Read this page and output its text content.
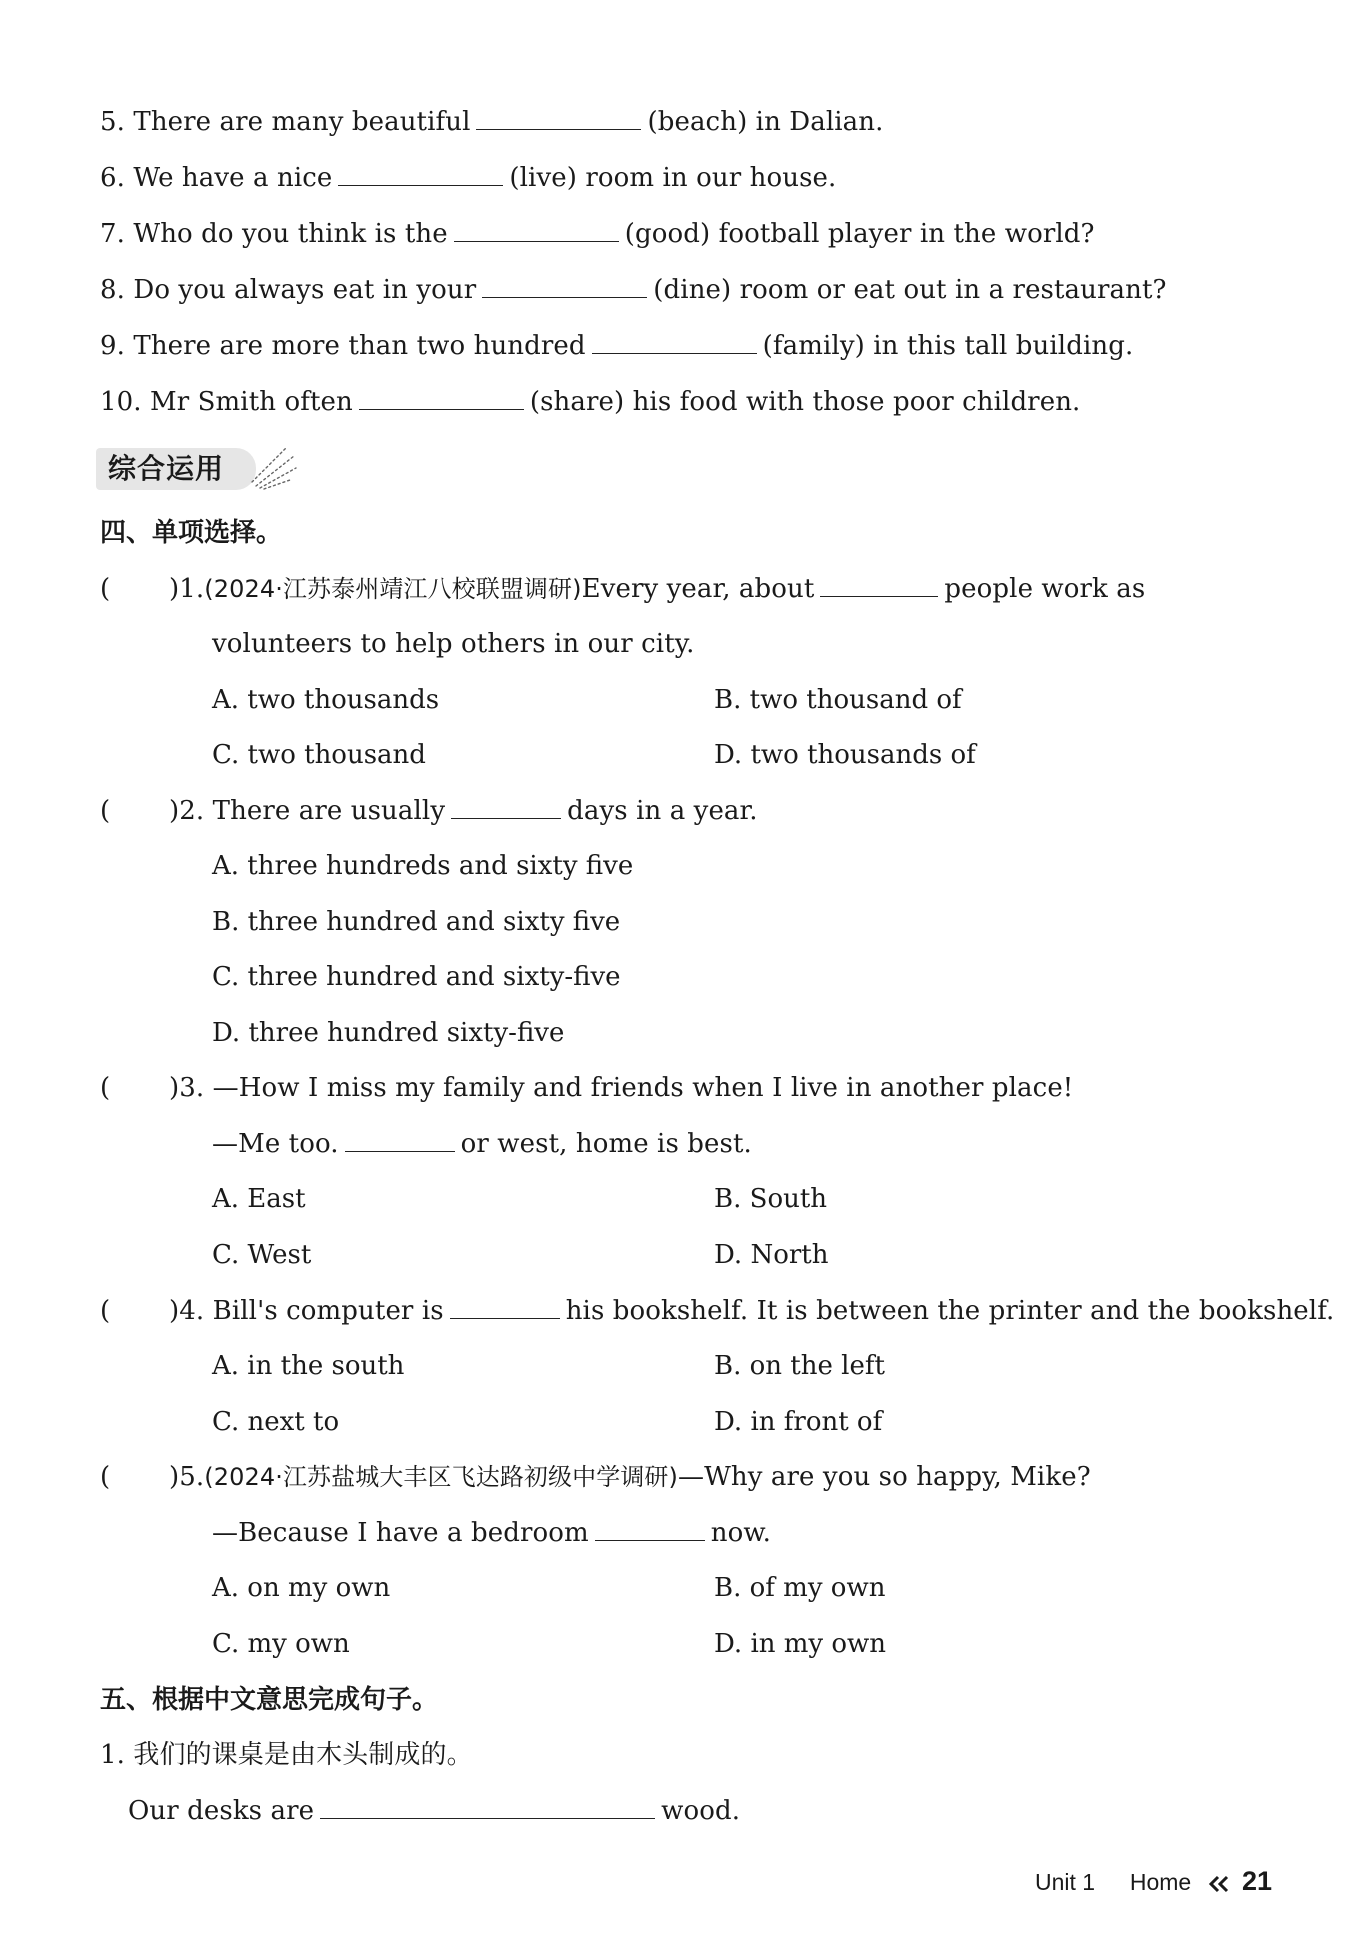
5. There are many beautiful	(beach) in Dalian.
6. We have a nice	(live) room in our house.
7. Who do you think is the	(good) football player in the world?
8. Do you always eat in your	(dine) room or eat out in a restaurant?
9. There are more than two hundred	(family) in this tall building.
10. Mr Smith often	(share) his food with those poor children.
综合运用
四、单项选择。
( )1.(2024·江苏泰州靖江八校联盟调研)Every year, about	people work as
volunteers to help others in our city.
A. two thousands	B. two thousand of
C. two thousand	D. two thousands of
( )2. There are usually	days in a year.
A. three hundreds and sixty five
B. three hundred and sixty five
C. three hundred and sixty-five
D. three hundred sixty-five
( )3. —How I miss my family and friends when I live in another place!
—Me too.	or west, home is best.
A. East	B. South
C. West	D. North
( )4. Bill's computer is	his bookshelf. It is between the printer and the bookshelf.
A. in the south	B. on the left
C. next to	D. in front of
( )5.(2024·江苏盐城大丰区飞达路初级中学调研)—Why are you so happy, Mike?
—Because I have a bedroom	now.
A. on my own	B. of my own
C. my own	D. in my own
五、根据中文意思完成句子。
1. 我们的课桌是由木头制成的。
Our desks are	wood.
Unit 1 Home 21
